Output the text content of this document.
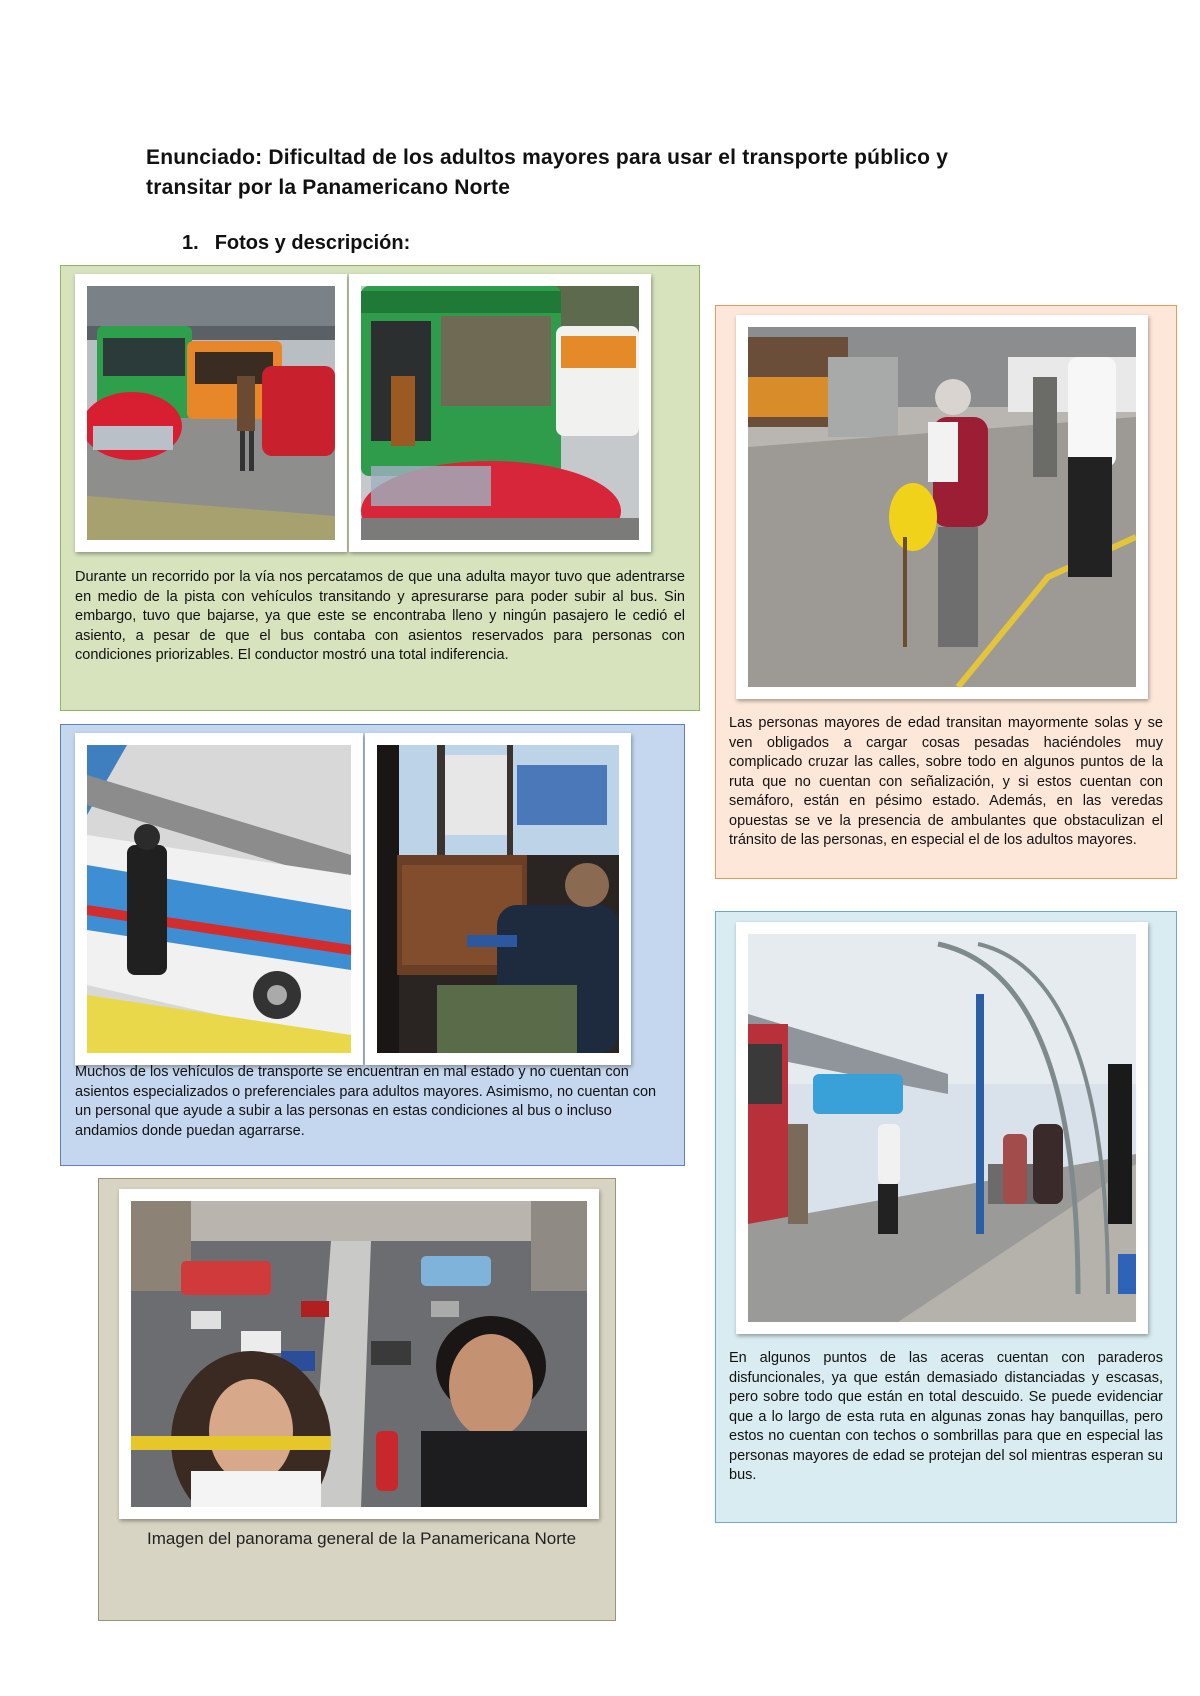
Enunciado: Dificultad de los adultos mayores para usar el transporte público y transitar por la Panamericano Norte
1. Fotos y descripción:
Durante un recorrido por la vía nos percatamos de que una adulta mayor tuvo que adentrarse en medio de la pista con vehículos transitando y apresurarse para poder subir al bus. Sin embargo, tuvo que bajarse, ya que este se encontraba lleno y ningún pasajero le cedió el asiento, a pesar de que el bus contaba con asientos reservados para personas con condiciones priorizables. El conductor mostró una total indiferencia.
Las personas mayores de edad transitan mayormente solas y se ven obligados a cargar cosas pesadas haciéndoles muy complicado cruzar las calles, sobre todo en algunos puntos de la ruta que no cuentan con señalización, y si estos cuentan con semáforo, están en pésimo estado. Además, en las veredas opuestas se ve la presencia de ambulantes que obstaculizan el tránsito de las personas, en especial el de los adultos mayores.
Muchos de los vehículos de transporte se encuentran en mal estado y no cuentan con asientos especializados o preferenciales para adultos mayores. Asimismo, no cuentan con un personal que ayude a subir a las personas en estas condiciones al bus o incluso andamios donde puedan agarrarse.
En algunos puntos de las aceras cuentan con paraderos disfuncionales, ya que están demasiado distanciadas y escasas, pero sobre todo que están en total descuido. Se puede evidenciar que a lo largo de esta ruta en algunas zonas hay banquillas, pero estos no cuentan con techos o sombrillas para que en especial las personas mayores de edad se protejan del sol mientras esperan su bus.
Imagen del panorama general de la Panamericana Norte
